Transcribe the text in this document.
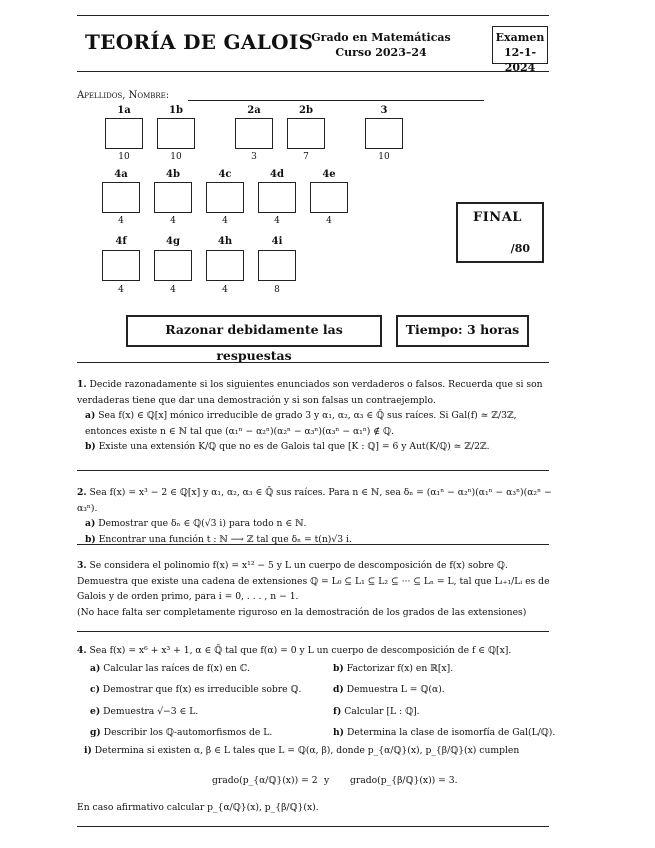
TEORÍA DE GALOIS
Grado en Matemáticas
Curso 2023–24
Examen
12-1-2024
Apellidos, Nombre:
1a
10
1b
10
2a
3
2b
7
3
10
4a
4
4b
4
4c
4
4d
4
4e
4
4f
4
4g
4
4h
4
4i
8
FINAL
/80
Razonar debidamente las respuestas
Tiempo: 3 horas
1. Decide razonadamente si los siguientes enunciados son verdaderos o falsos. Recuerda que si son verdaderas tiene que dar una demostración y si son falsas un contraejemplo.
a) Sea f(x) ∈ ℚ[x] mónico irreducible de grado 3 y α₁, α₂, α₃ ∈ ℚ̄ sus raíces. Si Gal(f) ≃ ℤ/3ℤ, entonces existe n ∈ ℕ tal que (α₁ⁿ − α₂ⁿ)(α₂ⁿ − α₃ⁿ)(α₃ⁿ − α₁ⁿ) ∉ ℚ.
b) Existe una extensión K/ℚ que no es de Galois tal que [K : ℚ] = 6 y Aut(K/ℚ) ≃ ℤ/2ℤ.
2. Sea f(x) = x³ − 2 ∈ ℚ[x] y α₁, α₂, α₃ ∈ ℚ̄ sus raíces. Para n ∈ ℕ, sea δₙ = (α₁ⁿ − α₂ⁿ)(α₁ⁿ − α₃ⁿ)(α₂ⁿ − α₃ⁿ).
a) Demostrar que δₙ ∈ ℚ(√3 i) para todo n ∈ ℕ.
b) Encontrar una función t : ℕ ⟶ ℤ tal que δₙ = t(n)√3 i.
3. Se considera el polinomio f(x) = x¹² − 5 y L un cuerpo de descomposición de f(x) sobre ℚ. Demuestra que existe una cadena de extensiones ℚ = L₀ ⊆ L₁ ⊆ L₂ ⊆ ··· ⊆ Lₙ = L, tal que Lᵢ₊₁/Lᵢ es de Galois y de orden primo, para i = 0, . . . , n − 1.
(No hace falta ser completamente riguroso en la demostración de los grados de las extensiones)
4. Sea f(x) = x⁶ + x³ + 1, α ∈ ℚ̄ tal que f(α) = 0 y L un cuerpo de descomposición de f ∈ ℚ[x].
a) Calcular las raíces de f(x) en ℂ.	b) Factorizar f(x) en ℝ[x].
c) Demostrar que f(x) es irreducible sobre ℚ.	d) Demuestra L = ℚ(α).
e) Demuestra √−3 ∈ L.	f) Calcular [L : ℚ].
g) Describir los ℚ-automorfismos de L.	h) Determina la clase de isomorfía de Gal(L/ℚ).
i) Determina si existen α, β ∈ L tales que L = ℚ(α, β), donde p_{α/ℚ}(x), p_{β/ℚ}(x) cumplen
grado(p_{α/ℚ}(x)) = 2 y grado(p_{β/ℚ}(x)) = 3.
En caso afirmativo calcular p_{α/ℚ}(x), p_{β/ℚ}(x).
